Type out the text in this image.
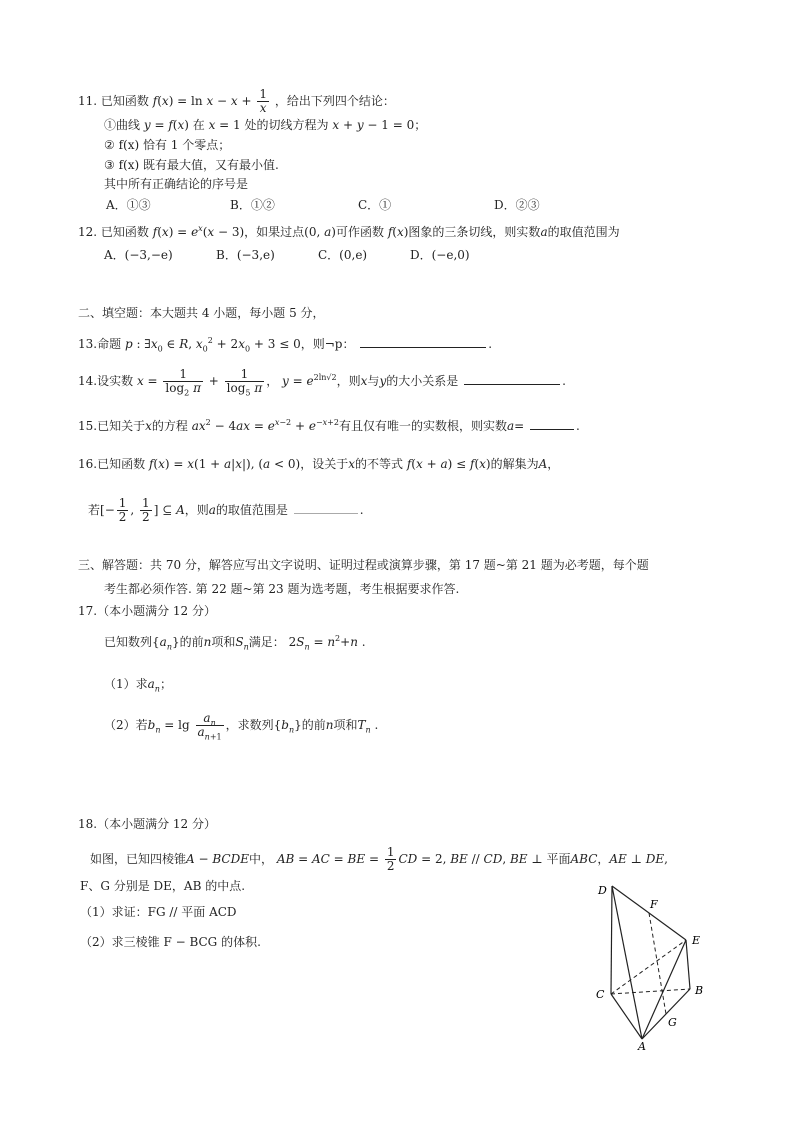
11. 已知函数 $f(x) = \ln x - x + \frac{1}{x}$ ，给出下列四个结论：
①曲线 y = f(x) 在 x = 1 处的切线方程为 x + y − 1 = 0；
② f(x) 恰有 1 个零点；
③ f(x) 既有最大值，又有最小值.
其中所有正确结论的序号是
A．①③	B．①②	C．①	D．②③
12. 已知函数 $f(x) = e^x(x - 3)$，如果过点(0, a)可作函数 f(x)图象的三条切线，则实数a的取值范围为
A．(−3,−e)	B．(−3,e)	C．(0,e)	D．(−e,0)
二、填空题：本大题共 4 小题，每小题 5 分，
13.命题 p : $\exists x_0$ ∈ R, $x_0^2 + 2x_0 + 3 \le 0$，则¬p：	.
14.设实数 $x = \frac{1}{\log_2 \pi} + \frac{1}{\log_5 \pi}$ ， $y = e^{2ln√2}$，则x与y的大小关系是	.
15.已知关于x的方程 $ax^2 - 4ax = e^{x-2} + e^{-x+2}$有且仅有唯一的实数根，则实数a=	.
16.已知函数 f(x) = x(1 + a|x|), (a < 0)，设关于x的不等式 f(x + a) ≤ f(x)的解集为A，
若[− $\frac{1}{2}$ , $\frac{1}{2}$ ] ⊆ A，则a的取值范围是	.
三、解答题：共 70 分，解答应写出文字说明、证明过程或演算步骤，第 17 题~第 21 题为必考题，每个题
考生都必须作答. 第 22 题~第 23 题为选考题，考生根据要求作答.
17.（本小题满分 12 分）
已知数列$\{a_n\}$的前n项和$S_n$满足： $2S_n = n^2+n$ .
（1）求$a_n$；
（2）若$b_n = \lg \frac{a_n}{a_{n+1}}$ ，求数列$\{b_n\}$的前n项和$T_n$ .
18.（本小题满分 12 分）
如图，已知四棱锥A − BCDE中， AB = AC = BE = $\frac{1}{2}$ CD = 2, BE // CD, BE ⊥ 平面ABC，AE ⊥ DE,
F、G 分别是 DE，AB 的中点.
（1）求证：FG // 平面 ACD
（2）求三棱锥 F − BCG 的体积.
D
F
E
C	B
G
A
